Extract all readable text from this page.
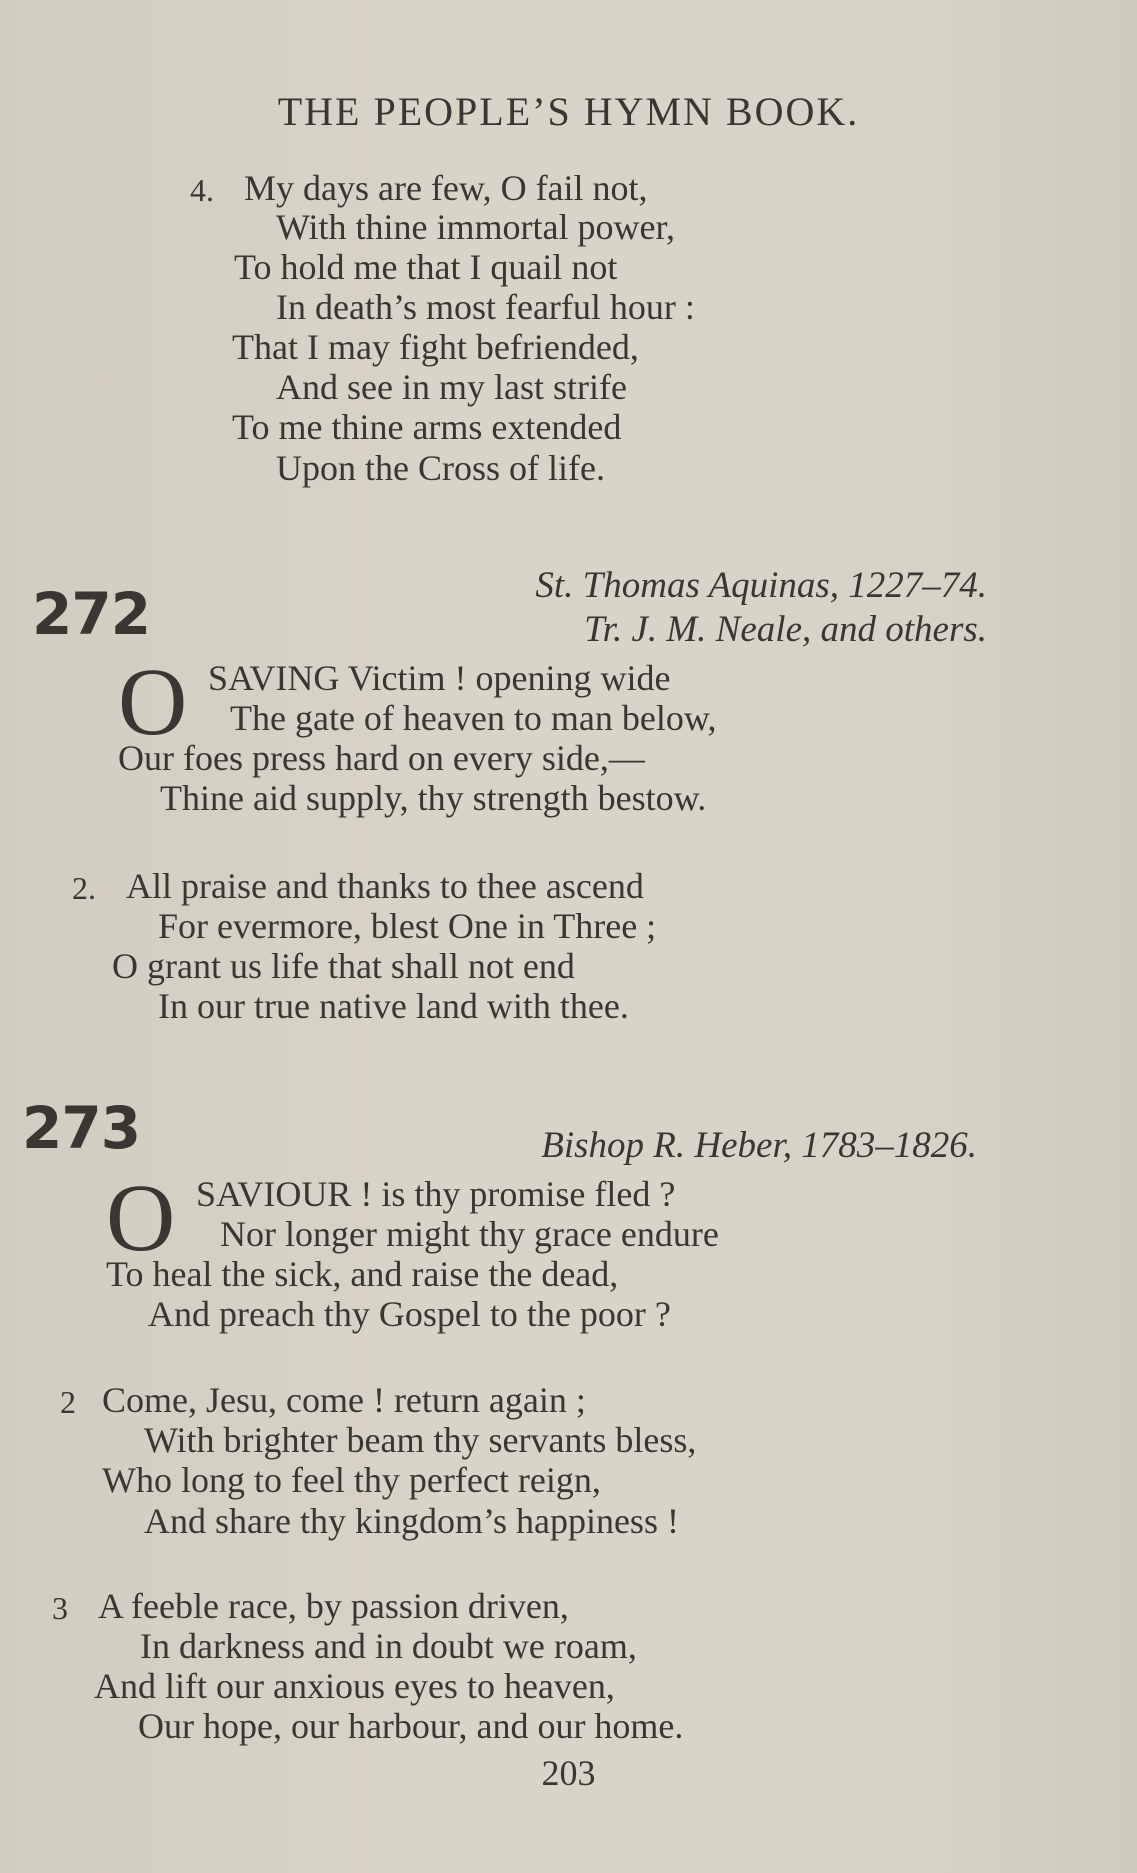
THE PEOPLE’S HYMN BOOK.
4. My days are few, O fail not,
With thine immortal power,
To hold me that I quail not
In death’s most fearful hour :
That I may fight befriended,
And see in my last strife
To me thine arms extended
Upon the Cross of life.
272	St. Thomas Aquinas, 1227–74.
Tr. J. M. Neale, and others.
O SAVING Victim ! opening wide
The gate of heaven to man below,
Our foes press hard on every side,—
Thine aid supply, thy strength bestow.
2. All praise and thanks to thee ascend
For evermore, blest One in Three ;
O grant us life that shall not end
In our true native land with thee.
273	Bishop R. Heber, 1783–1826.
O SAVIOUR ! is thy promise fled ?
Nor longer might thy grace endure
To heal the sick, and raise the dead,
And preach thy Gospel to the poor ?
2 Come, Jesu, come ! return again ;
With brighter beam thy servants bless,
Who long to feel thy perfect reign,
And share thy kingdom’s happiness !
3 A feeble race, by passion driven,
In darkness and in doubt we roam,
And lift our anxious eyes to heaven,
Our hope, our harbour, and our home.
203
